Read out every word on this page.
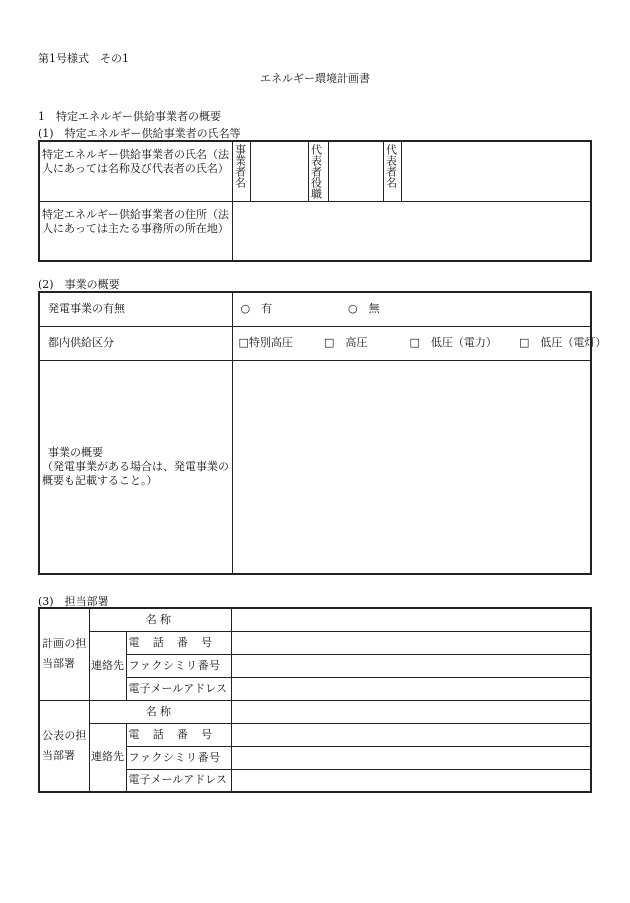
第1号様式　その1
エネルギー環境計画書
1　特定エネルギー供給事業者の概要
(1)　特定エネルギー供給事業者の氏名等
特定エネルギー供給事業者の氏名（法人にあっては名称及び代表者の氏名）	事業者名		代表者役職		代表者名	

特定エネルギー供給事業者の住所（法人にあっては主たる事務所の所在地）						
(2)　事業の概要
発電事業の有無	○　有 ○　無
都内供給区分	□特別高圧 □　高圧 □　低圧（電力） □　低圧（電灯）

事業の概要
（発電事業がある場合は、発電事業の概要も記載すること。）	

(3)　担当部署
計画の担当部署	名称		
	連絡先	電話番号	
		ファクシミリ番号	
		電子メールアドレス	
公表の担当部署	名称		
	連絡先	電話番号	
		ファクシミリ番号	
		電子メールアドレス	
